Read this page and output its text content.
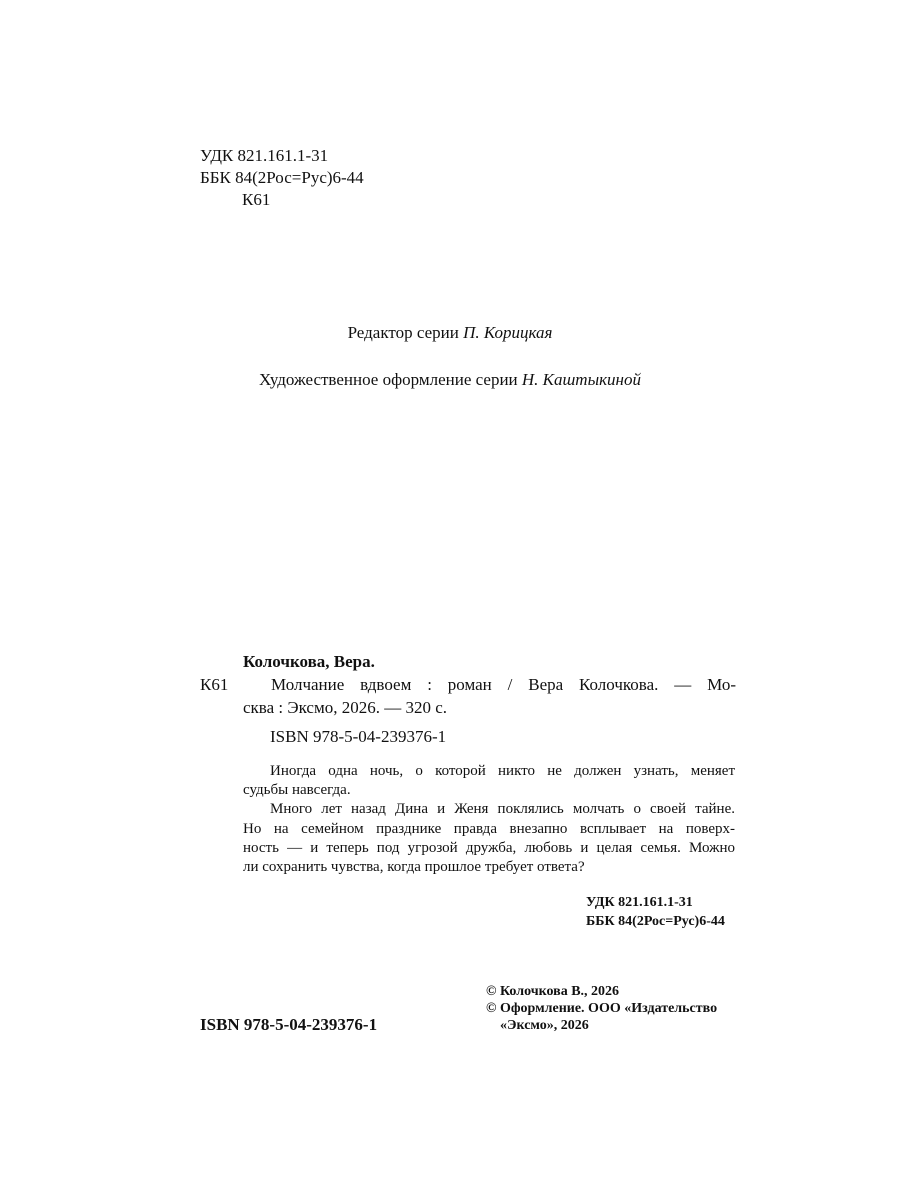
УДК 821.161.1-31
ББК 84(2Рос=Рус)6-44
К61
Редактор серии П. Корицкая
Художественное оформление серии Н. Каштыкиной
Колочкова, Вера.
К61	Молчание вдвоем : роман / Вера Колочкова. — Мо-
сква : Эксмо, 2026. — 320 с.
ISBN 978-5-04-239376-1
Иногда одна ночь, о которой никто не должен узнать, меняет
судьбы навсегда.
Много лет назад Дина и Женя поклялись молчать о своей тайне.
Но на семейном празднике правда внезапно всплывает на поверх-
ность — и теперь под угрозой дружба, любовь и целая семья. Можно
ли сохранить чувства, когда прошлое требует ответа?
УДК 821.161.1-31
ББК 84(2Рос=Рус)6-44
© Колочкова В., 2026
© Оформление. ООО «Издательство
«Эксмо», 2026
ISBN 978-5-04-239376-1
